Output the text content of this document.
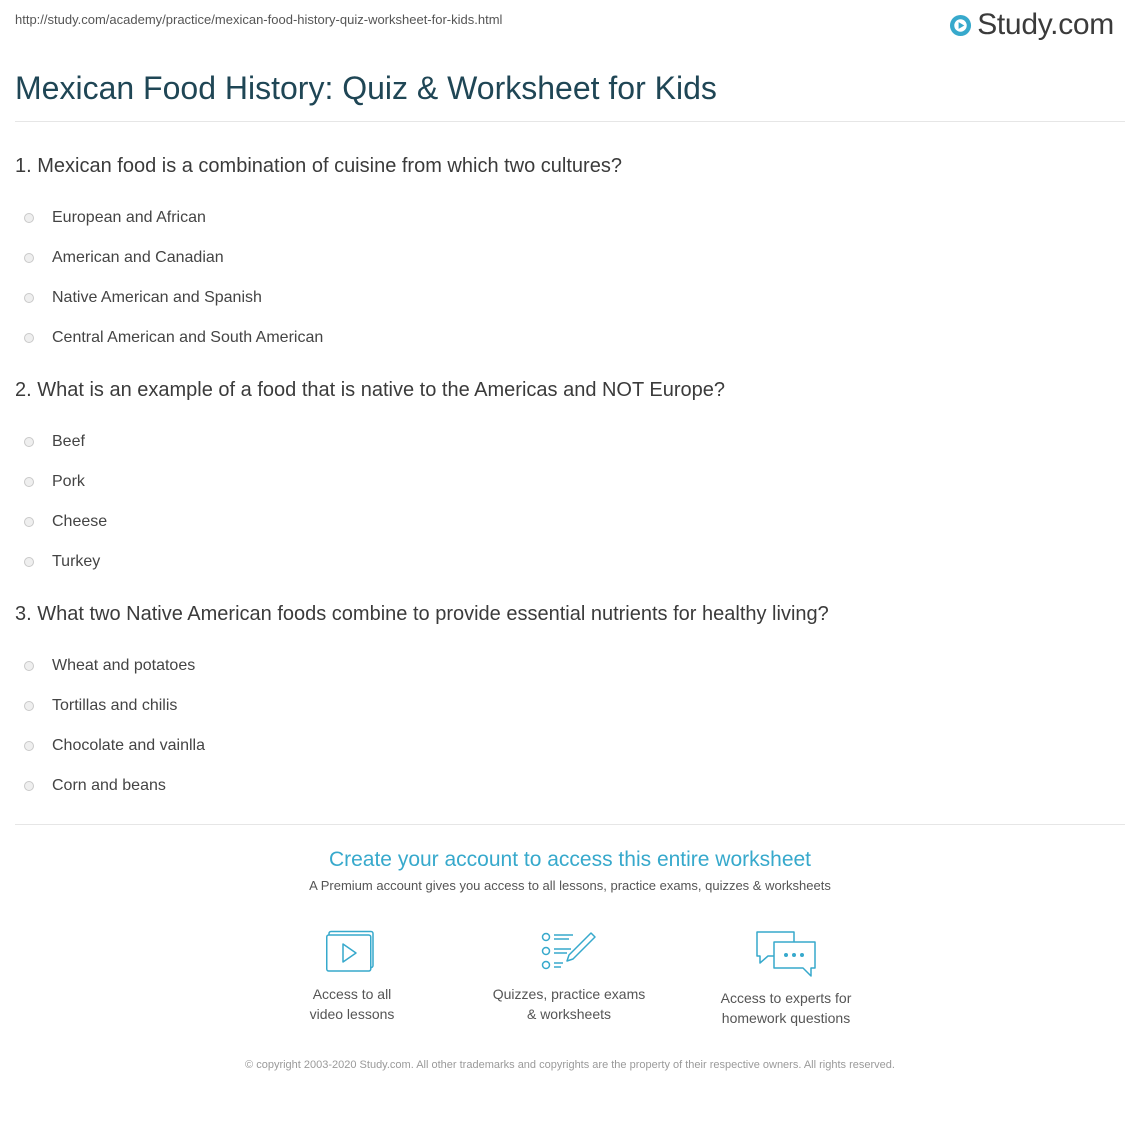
http://study.com/academy/practice/mexican-food-history-quiz-worksheet-for-kids.html	Study.com
Mexican Food History: Quiz & Worksheet for Kids
1. Mexican food is a combination of cuisine from which two cultures?
European and African
American and Canadian
Native American and Spanish
Central American and South American
2. What is an example of a food that is native to the Americas and NOT Europe?
Beef
Pork
Cheese
Turkey
3. What two Native American foods combine to provide essential nutrients for healthy living?
Wheat and potatoes
Tortillas and chilis
Chocolate and vainlla
Corn and beans
Create your account to access this entire worksheet
A Premium account gives you access to all lessons, practice exams, quizzes & worksheets
Access to all
video lessons
Quizzes, practice exams
& worksheets
Access to experts for
homework questions
© copyright 2003-2020 Study.com. All other trademarks and copyrights are the property of their respective owners. All rights reserved.
